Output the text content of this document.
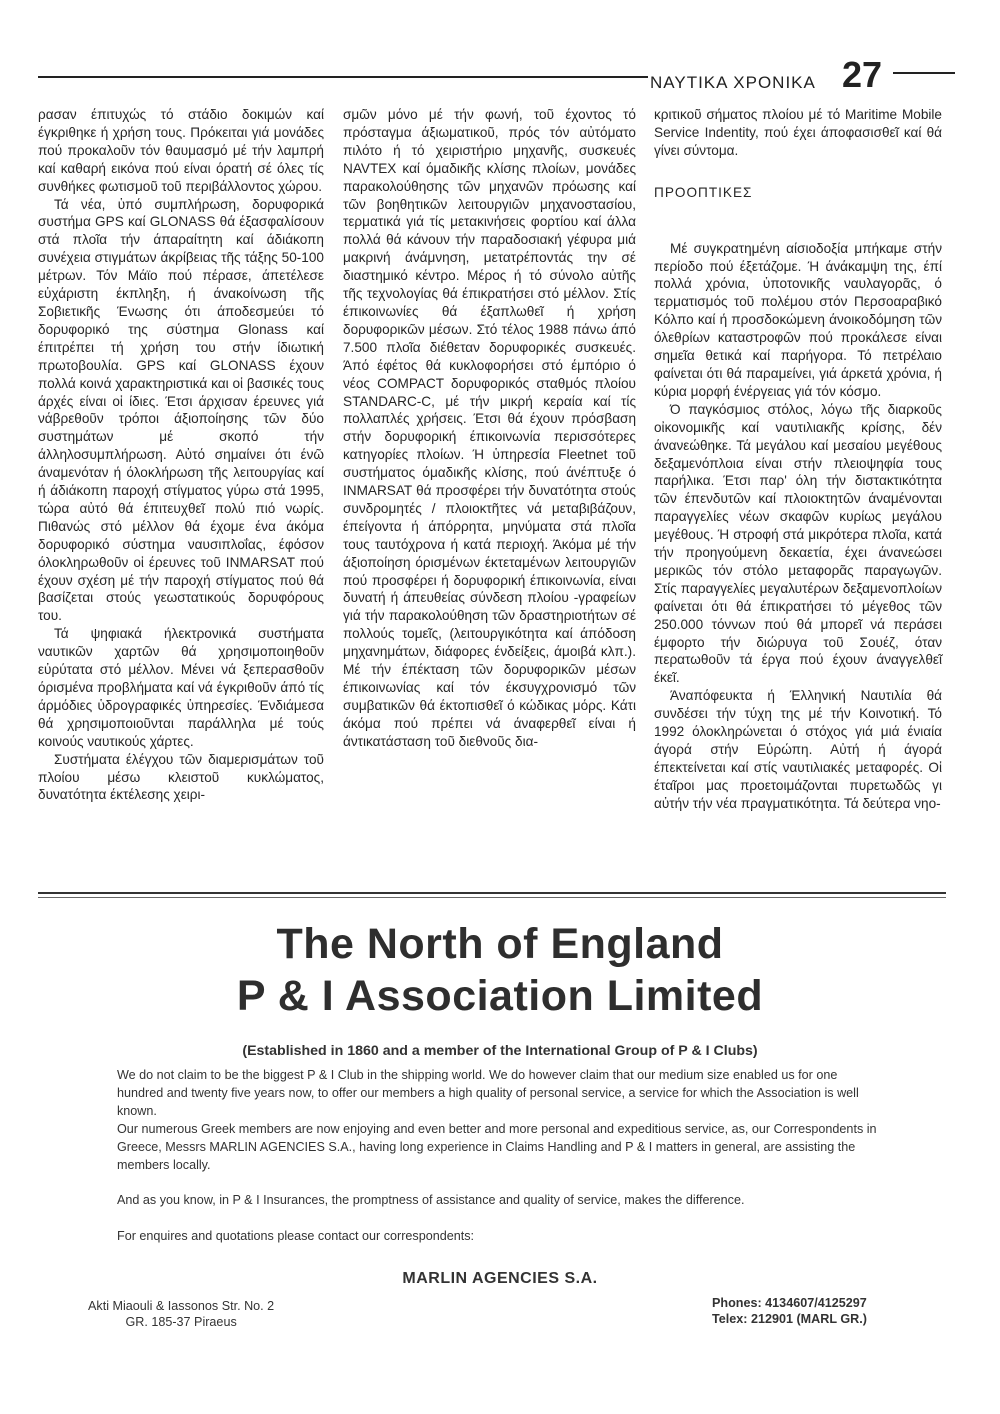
ΝΑΥΤΙΚΑ ΧΡΟΝΙΚΑ 27

ρασαν έπιτυχώς τό στάδιο δοκιμών καί έγκριθηκε ή χρήση τους. Πρόκειται γιά μονάδες πού προκαλοῦν τόν θαυμασμό μέ τήν λαμπρή καί καθαρή εικόνα πού είναι όρατή σέ όλες τίς συνθήκες φωτισμοῦ τοῦ περιβάλλοντος χώρου.

Τά νέα, ὑπό συμπλήρωση, δορυφορικά συστήμα GPS καί GLONASS θά έξασφαλίσουν στά πλοῖα τήν άπαραίτητη καί άδιάκοπη συνέχεια στιγμάτων άκρίβειας τῆς τάξης 50-100 μέτρων. Τόν Μάϊο πού πέρασε, άπετέλεσε εὐχάριστη έκπληξη, ή άνακοίνωση τῆς Σοβιετικῆς Ένωσης ότι άποδεσμεύει τό δορυφορικό της σύστημα Glonass καί έπιτρέπει τή χρήση του στήν ίδιωτική πρωτοβουλία. GPS καί GLONASS έχουν πολλά κοινά χαρακτηριστικά και οἱ βασικές τους άρχές είναι οἱ ίδιες. Έτσι άρχισαν έρευνες γιά νάβρεθοῦν τρόποι άξιοποίησης τῶν δύο συστημάτων μέ σκοπό τήν άλληλοσυμπλήρωση. Αὐτό σημαίνει ότι ένῶ άναμενόταν ή όλοκλήρωση τῆς λειτουργίας καί ή άδιάκοπη παροχή στίγματος γύρω στά 1995, τώρα αὐτό θά έπιτευχθεῖ πολύ πιό νωρίς. Πιθανώς στό μέλλον θά έχομε ένα άκόμα δορυφορικό σύστημα ναυσιπλοΐας, έφόσον όλοκληρωθοῦν οἱ έρευνες τοῦ INMARSAT πού έχουν σχέση μέ τήν παροχή στίγματος πού θά βασίζεται στούς γεωστατικούς δορυφόρους του.

Τά ψηφιακά ήλεκτρονικά συστήματα ναυτικῶν χαρτῶν θά χρησιμοποιηθοῦν εὐρύτατα στό μέλλον. Μένει νά ξεπερασθοῦν όρισμένα προβλήματα καί νά έγκριθοῦν άπό τίς άρμόδιες ὑδρογραφικές ὑπηρεσίες. Ένδιάμεσα θά χρησιμοποιοῦνται παράλληλα μέ τούς κοινούς ναυτικούς χάρτες.

Συστήματα έλέγχου τῶν διαμερισμάτων τοῦ πλοίου μέσω κλειστοῦ κυκλώματος, δυνατότητα έκτέλεσης χειρι-

σμῶν μόνο μέ τήν φωνή, τοῦ έχοντος τό πρόσταγμα άξιωματικοῦ, πρός τόν αὐτόματο πιλότο ή τό χειριστήριο μηχανῆς, συσκευές NAVTEX καί όμαδικῆς κλίσης πλοίων, μονάδες παρακολούθησης τῶν μηχανῶν πρόωσης καί τῶν βοηθητικῶν λειτουργιῶν μηχανοστασίου, τερματικά γιά τίς μετακινήσεις φορτίου καί άλλα πολλά θά κάνουν τήν παραδοσιακή γέφυρα μιά μακρινή άνάμνηση, μετατρέποντάς την σέ διαστημικό κέντρο. Μέρος ή τό σύνολο αὐτῆς τῆς τεχνολογίας θά έπικρατήσει στό μέλλον. Στίς έπικοινωνίες θά έξαπλωθεῖ ή χρήση δορυφορικῶν μέσων. Στό τέλος 1988 πάνω άπό 7.500 πλοῖα διέθεταν δορυφορικές συσκευές. Άπό έφέτος θά κυκλοφορήσει στό έμπόριο ό νέος COMPACT δορυφορικός σταθμός πλοίου STANDARC-C, μέ τήν μικρή κεραία καί τίς πολλαπλές χρήσεις. Έτσι θά έχουν πρόσβαση στήν δορυφορική έπικοινωνία περισσότερες κατηγορίες πλοίων. Ή ὑπηρεσία Fleetnet τοῦ συστήματος όμαδικῆς κλίσης, πού άνέπτυξε ό INMARSAT θά προσφέρει τήν δυνατότητα στούς συνδρομητές / πλοιοκτῆτες νά μεταβιβάζουν, έπείγοντα ή άπόρρητα, μηνύματα στά πλοῖα τους ταυτόχρονα ή κατά περιοχή. Άκόμα μέ τήν άξιοποίηση όρισμένων έκτεταμένων λειτουργιῶν πού προσφέρει ή δορυφορική έπικοινωνία, είναι δυνατή ή άπευθείας σύνδεση πλοίου -γραφείων γιά τήν παρακολούθηση τῶν δραστηριοτήτων σέ πολλούς τομεῖς, (λειτουργικότητα καί άπόδοση μηχανημάτων, διάφορες ένδείξεις, άμοιβά κλπ.). Μέ τήν έπέκταση τῶν δορυφορικῶν μέσων έπικοινωνίας καί τόν έκσυγχρονισμό τῶν συμβατικῶν θά έκτοπισθεῖ ό κώδικας μόρς. Κάτι άκόμα πού πρέπει νά άναφερθεῖ είναι ή άντικατάσταση τοῦ διεθνοῦς δια-

κριτικοῦ σήματος πλοίου μέ τό Maritime Mobile Service Indentity, πού έχει άποφασισθεῖ καί θά γίνει σύντομα.

ΠΡΟΟΠΤΙΚΕΣ

Μέ συγκρατημένη αίσιοδοξία μπήκαμε στήν περίοδο πού έξετάζομε. Ή άνάκαμψη της, έπί πολλά χρόνια, ὑποτονικῆς ναυλαγορᾶς, ό τερματισμός τοῦ πολέμου στόν Περσοαραβικό Κόλπο καί ή προσδοκώμενη άνοικοδόμηση τῶν όλεθρίων καταστροφῶν πού προκάλεσε είναι σημεῖα θετικά καί παρήγορα. Τό πετρέλαιο φαίνεται ότι θά παραμείνει, γιά άρκετά χρόνια, ή κύρια μορφή ένέργειας γιά τόν κόσμο.

Ό παγκόσμιος στόλος, λόγω τῆς διαρκοῦς οἰκονομικῆς καί ναυτιλιακῆς κρίσης, δέν άνανεώθηκε. Τά μεγάλου καί μεσαίου μεγέθους δεξαμενόπλοια είναι στήν πλειοψηφία τους παρήλικα. Έτσι παρ' όλη τήν διστακτικότητα τῶν έπενδυτῶν καί πλοιοκτητῶν άναμένονται παραγγελίες νέων σκαφῶν κυρίως μεγάλου μεγέθους. Ή στροφή στά μικρότερα πλοῖα, κατά τήν προηγούμενη δεκαετία, έχει άνανεώσει μερικῶς τόν στόλο μεταφορᾶς παραγωγῶν. Στίς παραγγελίες μεγαλυτέρων δεξαμενοπλοίων φαίνεται ότι θά έπικρατήσει τό μέγεθος τῶν 250.000 τόννων πού θά μπορεῖ νά περάσει έμφορτο τήν διώρυγα τοῦ Σουέζ, όταν περατωθοῦν τά έργα πού έχουν άναγγελθεῖ έκεῖ.

Άναπόφευκτα ή Έλληνική Ναυτιλία θά συνδέσει τήν τύχη της μέ τήν Κοινοτική. Τό 1992 όλοκληρώνεται ό στόχος γιά μιά ένιαία άγορά στήν Εὐρώπη. Αὐτή ή άγορά έπεκτείνεται καί στίς ναυτιλιακές μεταφορές. Οἱ έταῖροι μας προετοιμάζονται πυρετωδῶς γι αὐτήν τήν νέα πραγματικότητα. Τά δεύτερα νηο-

The North of England
P & I Association Limited
(Established in 1860 and a member of the International Group of P & I Clubs)

We do not claim to be the biggest P & I Club in the shipping world. We do however claim that our medium size enabled us for one hundred and twenty five years now, to offer our members a high quality of personal service, a service for which the Association is well known.

Our numerous Greek members are now enjoying and even better and more personal and expeditious service, as, our Correspondents in Greece, Messrs MARLIN AGENCIES S.A., having long experience in Claims Handling and P & I matters in general, are assisting the members locally.

And as you know, in P & I Insurances, the promptness of assistance and quality of service, makes the difference.

For enquires and quotations please contact our correspondents:

MARLIN AGENCIES S.A.
Akti Miaouli & Iassonos Str. No. 2
GR. 185-37 Piraeus
Phones: 4134607/4125297
Telex: 212901 (MARL GR.)
